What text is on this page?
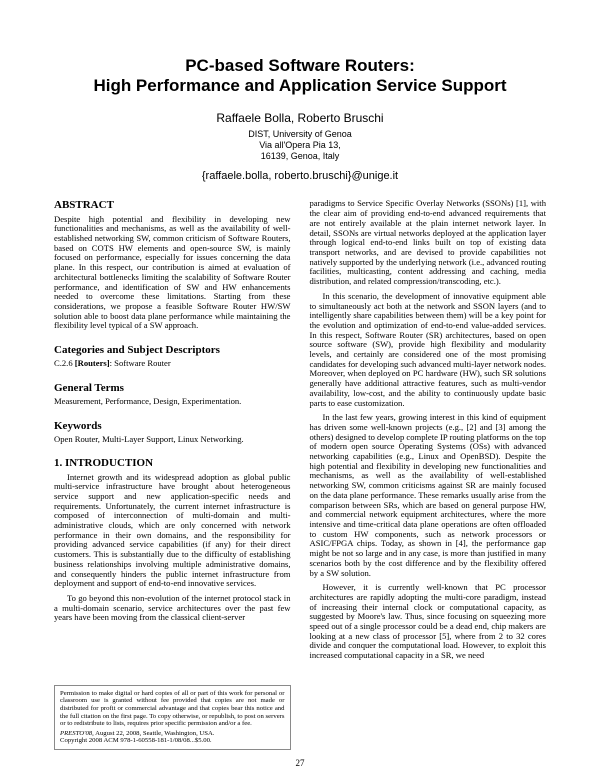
PC-based Software Routers:
High Performance and Application Service Support
Raffaele Bolla, Roberto Bruschi
DIST, University of Genoa
Via all'Opera Pia 13,
16139, Genoa, Italy
{raffaele.bolla, roberto.bruschi}@unige.it
ABSTRACT

Despite high potential and flexibility in developing new functionalities and mechanisms, as well as the availability of well-established networking SW, common criticism of Software Routers, based on COTS HW elements and open-source SW, is mainly focused on performance, especially for issues concerning the data plane. In this respect, our contribution is aimed at evaluation of architectural bottlenecks limiting the scalability of Software Router performance, and identification of SW and HW enhancements needed to overcome these limitations. Starting from these considerations, we propose a feasible Software Router HW/SW solution able to boost data plane performance while maintaining the flexibility level typical of a SW approach.

Categories and Subject Descriptors

C.2.6 [Routers]: Software Router

General Terms

Measurement, Performance, Design, Experimentation.

Keywords

Open Router, Multi-Layer Support, Linux Networking.

1. INTRODUCTION

Internet growth and its widespread adoption as global public multi-service infrastructure have brought about heterogeneous service support and new application-specific needs and requirements. Unfortunately, the current internet infrastructure is composed of interconnection of multi-domain and multi-administrative clouds, which are only concerned with network performance in their own domains, and the responsibility for providing advanced service capabilities (if any) for their direct customers. This is substantially due to the difficulty of establishing business relationships involving multiple administrative domains, and consequently hinders the public internet infrastructure from deployment and support of end-to-end innovative services.

To go beyond this non-evolution of the internet protocol stack in a multi-domain scenario, service architectures over the past few years have been moving from the classical client-server

Permission to make digital or hard copies of all or part of this work for personal or classroom use is granted without fee provided that copies are not made or distributed for profit or commercial advantage and that copies bear this notice and the full citation on the first page. To copy otherwise, or republish, to post on servers or to redistribute to lists, requires prior specific permission and/or a fee.
PRESTO'08, August 22, 2008, Seattle, Washington, USA.
Copyright 2008 ACM 978-1-60558-181-1/08/08...$5.00.

paradigms to Service Specific Overlay Networks (SSONs) [1], with the clear aim of providing end-to-end advanced requirements that are not entirely available at the plain internet network layer. In detail, SSONs are virtual networks deployed at the application layer through logical end-to-end links built on top of existing data transport networks, and are devised to provide capabilities not natively supported by the underlying network (i.e., advanced routing facilities, multicasting, content addressing and caching, media distribution, and related compression/transcoding, etc.).

In this scenario, the development of innovative equipment able to simultaneously act both at the network and SSON layers (and to intelligently share capabilities between them) will be a key point for the evolution and optimization of end-to-end value-added services. In this respect, Software Router (SR) architectures, based on open source software (SW), provide high flexibility and modularity levels, and certainly are considered one of the most promising candidates for developing such advanced multi-layer network nodes. Moreover, when deployed on PC hardware (HW), such SR solutions generally have additional attractive features, such as multi-vendor availability, low-cost, and the ability to continuously update basic parts to ease customization.

In the last few years, growing interest in this kind of equipment has driven some well-known projects (e.g., [2] and [3] among the others) designed to develop complete IP routing platforms on the top of modern open source Operating Systems (OSs) with advanced networking capabilities (e.g., Linux and OpenBSD). Despite the high potential and flexibility in developing new functionalities and mechanisms, as well as the availability of well-established networking SW, common criticisms against SR are mainly focused on the data plane performance. These remarks usually arise from the comparison between SRs, which are based on general purpose HW, and commercial network equipment architectures, where the more intensive and time-critical data plane operations are often offloaded to custom HW components, such as network processors or ASIC/FPGA chips. Today, as shown in [4], the performance gap might be not so large and in any case, is more than justified in many scenarios both by the cost difference and by the flexibility offered by a SW solution.

However, it is currently well-known that PC processor architectures are rapidly adopting the multi-core paradigm, instead of increasing their internal clock or computational capacity, as suggested by Moore's law. Thus, since focusing on squeezing more speed out of a single processor could be a dead end, chip makers are looking at a new class of processor [5], where from 2 to 32 cores divide and conquer the computational load. However, to exploit this increased computational capacity in a SR, we need

27
